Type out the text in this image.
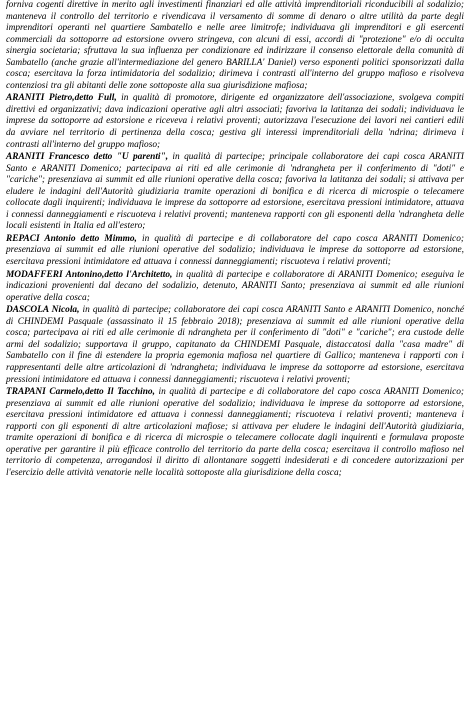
forniva cogenti direttive in merito agli investimenti finanziari ed alle attività imprenditoriali riconducibili al sodalizio; manteneva il controllo del territorio e rivendicava il versamento di somme di denaro o altre utilità da parte degli imprenditori operanti nel quartiere Sambatello e nelle aree limitrofe; individuava gli imprenditori e gli esercenti commerciali da sottoporre ad estorsione ovvero stringeva, con alcuni di essi, accordi di "protezione" e/o di occulta sinergia societaria; sfruttava la sua influenza per condizionare ed indirizzare il consenso elettorale della comunità di Sambatello (anche grazie all'intermediazione del genero BARILLA' Daniel) verso esponenti politici sponsorizzati dalla cosca; esercitava la forza intimidatoria del sodalizio; dirimeva i contrasti all'interno del gruppo mafioso e risolveva contenziosi tra gli abitanti delle zone sottoposte alla sua giurisdizione mafiosa;

ARANITI Pietro,detto Full, in qualità di promotore, dirigente ed organizzatore dell'associazione, svolgeva compiti direttivi ed organizzativi; dava indicazioni operative agli altri associati; favoriva la latitanza dei sodali; individuava le imprese da sottoporre ad estorsione e riceveva i relativi proventi; autorizzava l'esecuzione dei lavori nei cantieri edili da avviare nel territorio di pertinenza della cosca; gestiva gli interessi imprenditoriali della 'ndrina; dirimeva i contrasti all'interno del gruppo mafioso;

ARANITI Francesco detto "U parenti", in qualità di partecipe; principale collaboratore dei capi cosca ARANITI Santo e ARANITI Domenico; partecipava ai riti ed alle cerimonie di 'ndrangheta per il conferimento di "doti" e "cariche"; presenziava ai summit ed alle riunioni operative della cosca; favoriva la latitanza dei sodali; si attivava per eludere le indagini dell'Autorità giudiziaria tramite operazioni di bonifica e di ricerca di microspie o telecamere collocate dagli inquirenti; individuava le imprese da sottoporre ad estorsione, esercitava pressioni intimidatore, attuava i connessi danneggiamenti e riscuoteva i relativi proventi; manteneva rapporti con gli esponenti della 'ndrangheta delle locali esistenti in Italia ed all'estero;

REPACI Antonio detto Mimmo, in qualità di partecipe e di collaboratore del capo cosca ARANITI Domenico; presenziava ai summit ed alle riunioni operative del sodalizio; individuava le imprese da sottoporre ad estorsione, esercitava pressioni intimidatore ed attuava i connessi danneggiamenti; riscuoteva i relativi proventi;

MODAFFERI Antonino,detto l'Architetto, in qualità di partecipe e collaboratore di ARANITI Domenico; eseguiva le indicazioni provenienti dal decano del sodalizio, detenuto, ARANITI Santo; presenziava ai summit ed alle riunioni operative della cosca;

DASCOLA Nicola, in qualità di partecipe; collaboratore dei capi cosca ARANITI Santo e ARANITI Domenico, nonché di CHINDEMI Pasquale (assassinato il 15 febbraio 2018); presenziava ai summit ed alle riunioni operative della cosca; partecipava ai riti ed alle cerimonie di ndrangheta per il conferimento di "doti" e "cariche"; era custode delle armi del sodalizio; supportava il gruppo, capitanato da CHINDEMI Pasquale, distaccatosi dalla "casa madre" di Sambatello con il fine di estendere la propria egemonia mafiosa nel quartiere di Gallico; manteneva i rapporti con i rappresentanti delle altre articolazioni di 'ndrangheta; individuava le imprese da sottoporre ad estorsione, esercitava pressioni intimidatore ed attuava i connessi danneggiamenti; riscuoteva i relativi proventi;

TRAPANI Carmelo,detto Il Tacchino, in qualità di partecipe e di collaboratore del capo cosca ARANITI Domenico; presenziava ai summit ed alle riunioni operative del sodalizio; individuava le imprese da sottoporre ad estorsione, esercitava pressioni intimidatore ed attuava i connessi danneggiamenti; riscuoteva i relativi proventi; manteneva i rapporti con gli esponenti di altre articolazioni mafiose; si attivava per eludere le indagini dell'Autorità giudiziaria, tramite operazioni di bonifica e di ricerca di microspie o telecamere collocate dagli inquirenti e formulava proposte operative per garantire il più efficace controllo del territorio da parte della cosca; esercitava il controllo mafioso nel territorio di competenza, arrogandosi il diritto di allontanare soggetti indesiderati e di concedere autorizzazioni per l'esercizio delle attività venatorie nelle località sottoposte alla giurisdizione della cosca;
